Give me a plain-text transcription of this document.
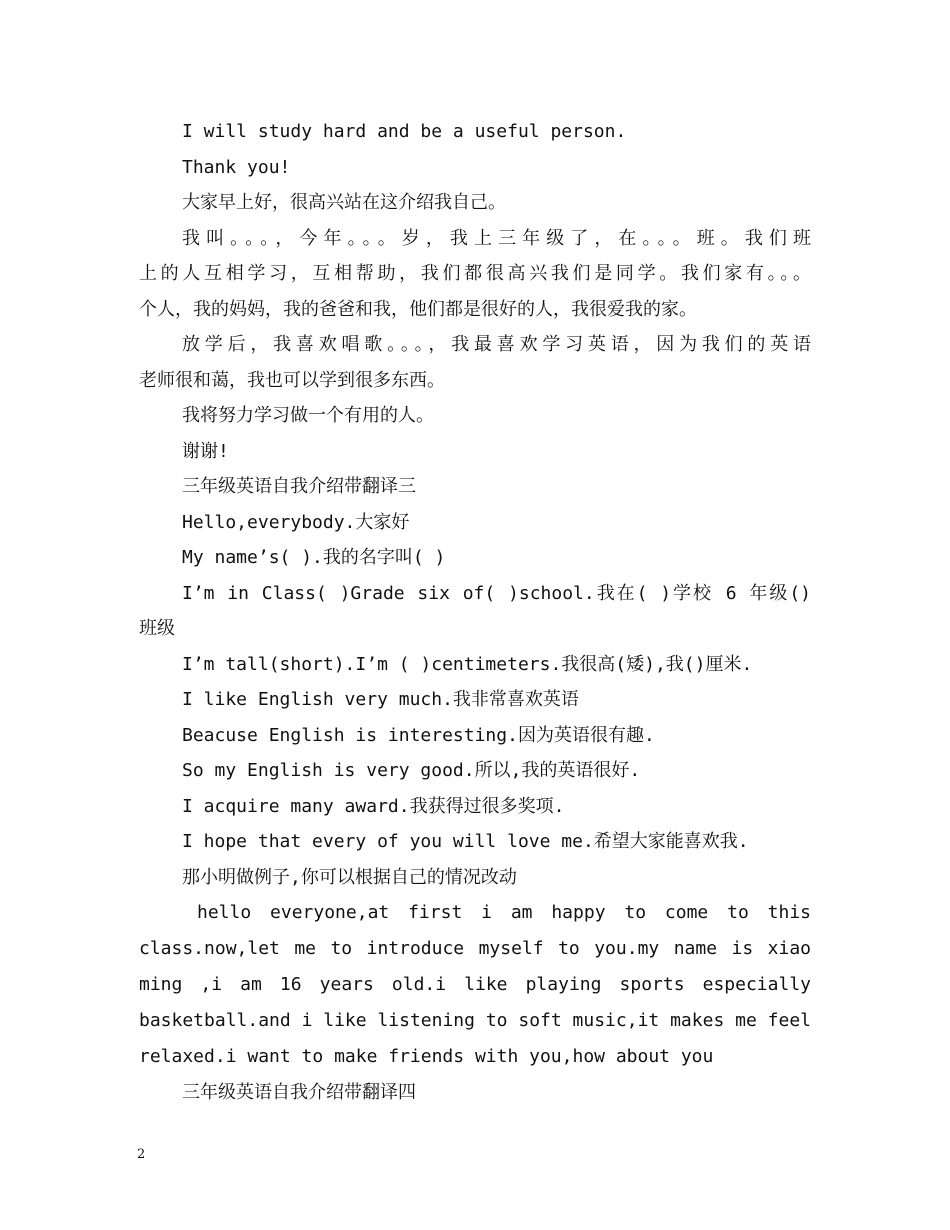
I will study hard and be a useful person.
Thank you!
大家早上好，很高兴站在这介绍我自己。
我叫。。。，今年。。。岁，我上三年级了，在。。。班。我们班
上的人互相学习，互相帮助，我们都很高兴我们是同学。我们家有。。。
个人，我的妈妈，我的爸爸和我，他们都是很好的人，我很爱我的家。
放学后，我喜欢唱歌。。。，我最喜欢学习英语，因为我们的英语
老师很和蔼，我也可以学到很多东西。
我将努力学习做一个有用的人。
谢谢!
三年级英语自我介绍带翻译三
Hello,everybody.大家好
My name’s( ).我的名字叫( )
I’m in Class( )Grade six of( )school.我在( )学校 6 年级()
班级
I’m tall(short).I’m ( )centimeters.我很高(矮),我()厘米.
I like English very much.我非常喜欢英语
Beacuse English is interesting.因为英语很有趣.
So my English is very good.所以,我的英语很好.
I acquire many award.我获得过很多奖项.
I hope that every of you will love me.希望大家能喜欢我.
那小明做例子,你可以根据自己的情况改动
hello everyone,at first i am happy to come to this class.now,let me to introduce myself to you.my name is xiao ming ,i am 16 years old.i like playing sports especially basketball.and i like listening to soft music,it makes me feel relaxed.i want to make friends with you,how about you
三年级英语自我介绍带翻译四
2
